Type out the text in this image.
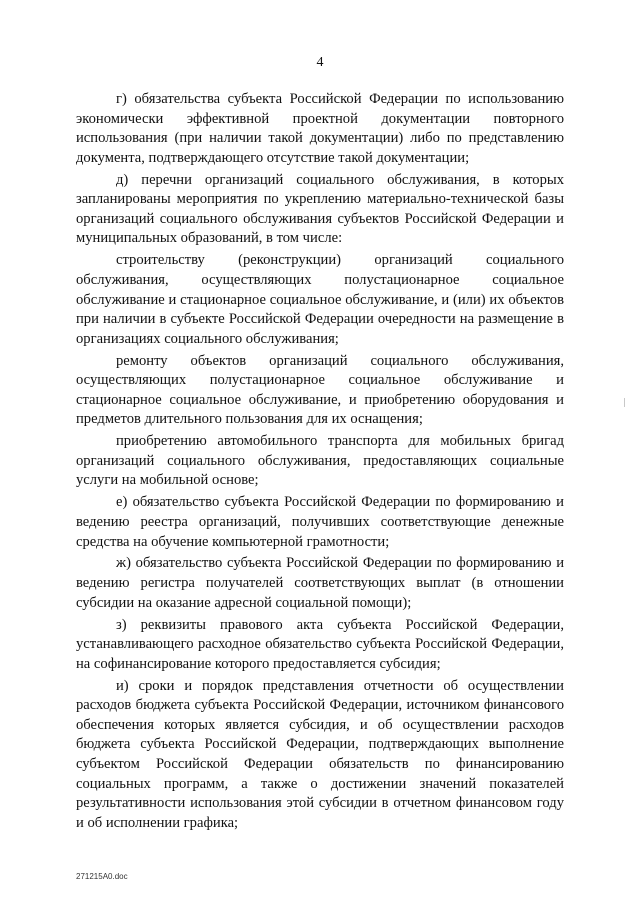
4

г) обязательства субъекта Российской Федерации по использованию экономически эффективной проектной документации повторного использования (при наличии такой документации) либо по представлению документа, подтверждающего отсутствие такой документации;

д) перечни организаций социального обслуживания, в которых запланированы мероприятия по укреплению материально-технической базы организаций социального обслуживания субъектов Российской Федерации и муниципальных образований, в том числе:

строительству (реконструкции) организаций социального обслуживания, осуществляющих полустационарное социальное обслуживание и стационарное социальное обслуживание, и (или) их объектов при наличии в субъекте Российской Федерации очередности на размещение в организациях социального обслуживания;

ремонту объектов организаций социального обслуживания, осуществляющих полустационарное социальное обслуживание и стационарное социальное обслуживание, и приобретению оборудования и предметов длительного пользования для их оснащения;

приобретению автомобильного транспорта для мобильных бригад организаций социального обслуживания, предоставляющих социальные услуги на мобильной основе;

е) обязательство субъекта Российской Федерации по формированию и ведению реестра организаций, получивших соответствующие денежные средства на обучение компьютерной грамотности;

ж) обязательство субъекта Российской Федерации по формированию и ведению регистра получателей соответствующих выплат (в отношении субсидии на оказание адресной социальной помощи);

з) реквизиты правового акта субъекта Российской Федерации, устанавливающего расходное обязательство субъекта Российской Федерации, на софинансирование которого предоставляется субсидия;

и) сроки и порядок представления отчетности об осуществлении расходов бюджета субъекта Российской Федерации, источником финансового обеспечения которых является субсидия, и об осуществлении расходов бюджета субъекта Российской Федерации, подтверждающих выполнение субъектом Российской Федерации обязательств по финансированию социальных программ, а также о достижении значений показателей результативности использования этой субсидии в отчетном финансовом году и об исполнении графика;

271215A0.doc
